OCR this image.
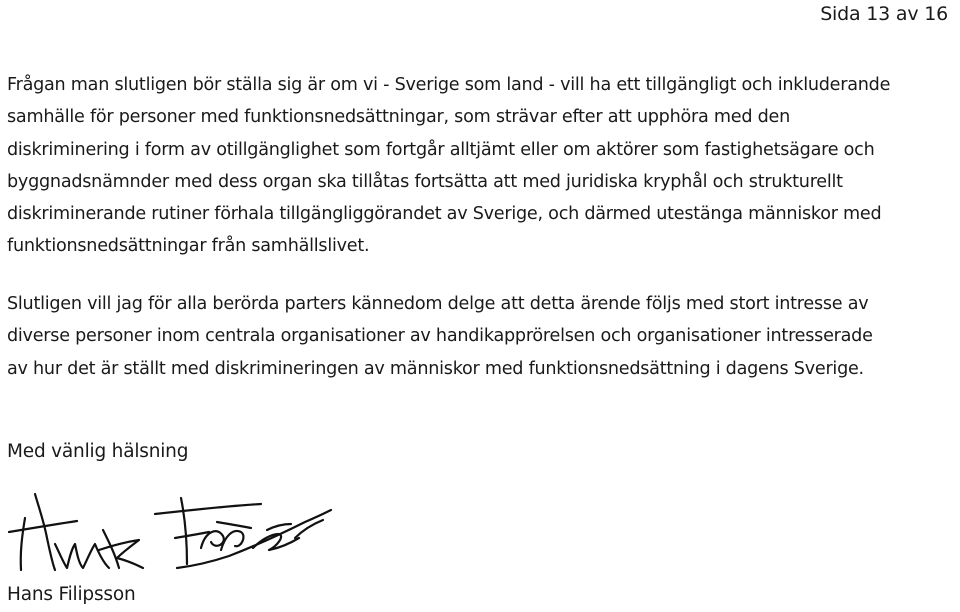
Sida 13 av 16
Frågan man slutligen bör ställa sig är om vi - Sverige som land - vill ha ett tillgängligt och inkluderande
samhälle för personer med funktionsnedsättningar, som strävar efter att upphöra med den
diskriminering i form av otillgänglighet som fortgår alltjämt eller om aktörer som fastighetsägare och
byggnadsnämnder med dess organ ska tillåtas fortsätta att med juridiska kryphål och strukturellt
diskriminerande rutiner förhala tillgängliggörandet av Sverige, och därmed utestänga människor med
funktionsnedsättningar från samhällslivet.
Slutligen vill jag för alla berörda parters kännedom delge att detta ärende följs med stort intresse av
diverse personer inom centrala organisationer av handikapprörelsen och organisationer intresserade
av hur det är ställt med diskrimineringen av människor med funktionsnedsättning i dagens Sverige.
Med vänlig hälsning
Hans Filipsson
